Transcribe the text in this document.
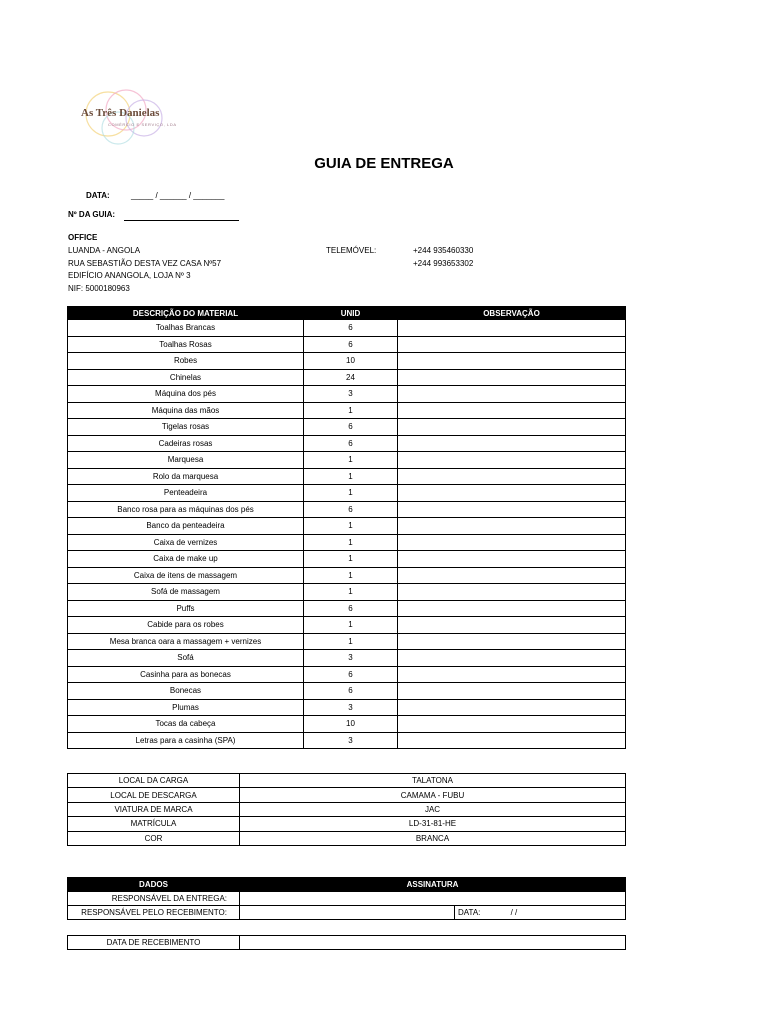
As Três Danielas
COMÉRCIO E SERVIÇO, LDA
GUIA DE ENTREGA
DATA:	_____ / ______ / _______
Nº DA GUIA:
OFFICE
LUANDA - ANGOLA
RUA SEBASTIÃO DESTA VEZ CASA Nº57
EDIFÍCIO ANANGOLA, LOJA Nº 3
NIF: 5000180963
TELEMÓVEL:	+244 935460330
+244 993653302
DESCRIÇÃO DO MATERIAL	UNID	OBSERVAÇÃO
Toalhas Brancas	6	
Toalhas Rosas	6	
Robes	10	
Chinelas	24	
Máquina dos pés	3	
Máquina das mãos	1	
Tigelas rosas	6	
Cadeiras rosas	6	
Marquesa	1	
Rolo da marquesa	1	
Penteadeira	1	
Banco rosa para as máquinas dos pés	6	
Banco da penteadeira	1	
Caixa de vernizes	1	
Caixa de make up	1	
Caixa de itens de massagem	1	
Sofá de massagem	1	
Puffs	6	
Cabide para os robes	1	
Mesa branca oara a massagem + vernizes	1	
Sofá	3	
Casinha para as bonecas	6	
Bonecas	6	
Plumas	3	
Tocas da cabeça	10	
Letras para a casinha (SPA)	3	
LOCAL DA CARGA	TALATONA
LOCAL DE DESCARGA	CAMAMA - FUBU
VIATURA DE MARCA	JAC
MATRÍCULA	LD-31-81-HE
COR	BRANCA
DADOS	ASSINATURA	
RESPONSÁVEL DA ENTREGA:		
RESPONSÁVEL PELO RECEBIMENTO:		DATA: / /
DATA DE RECEBIMENTO	
